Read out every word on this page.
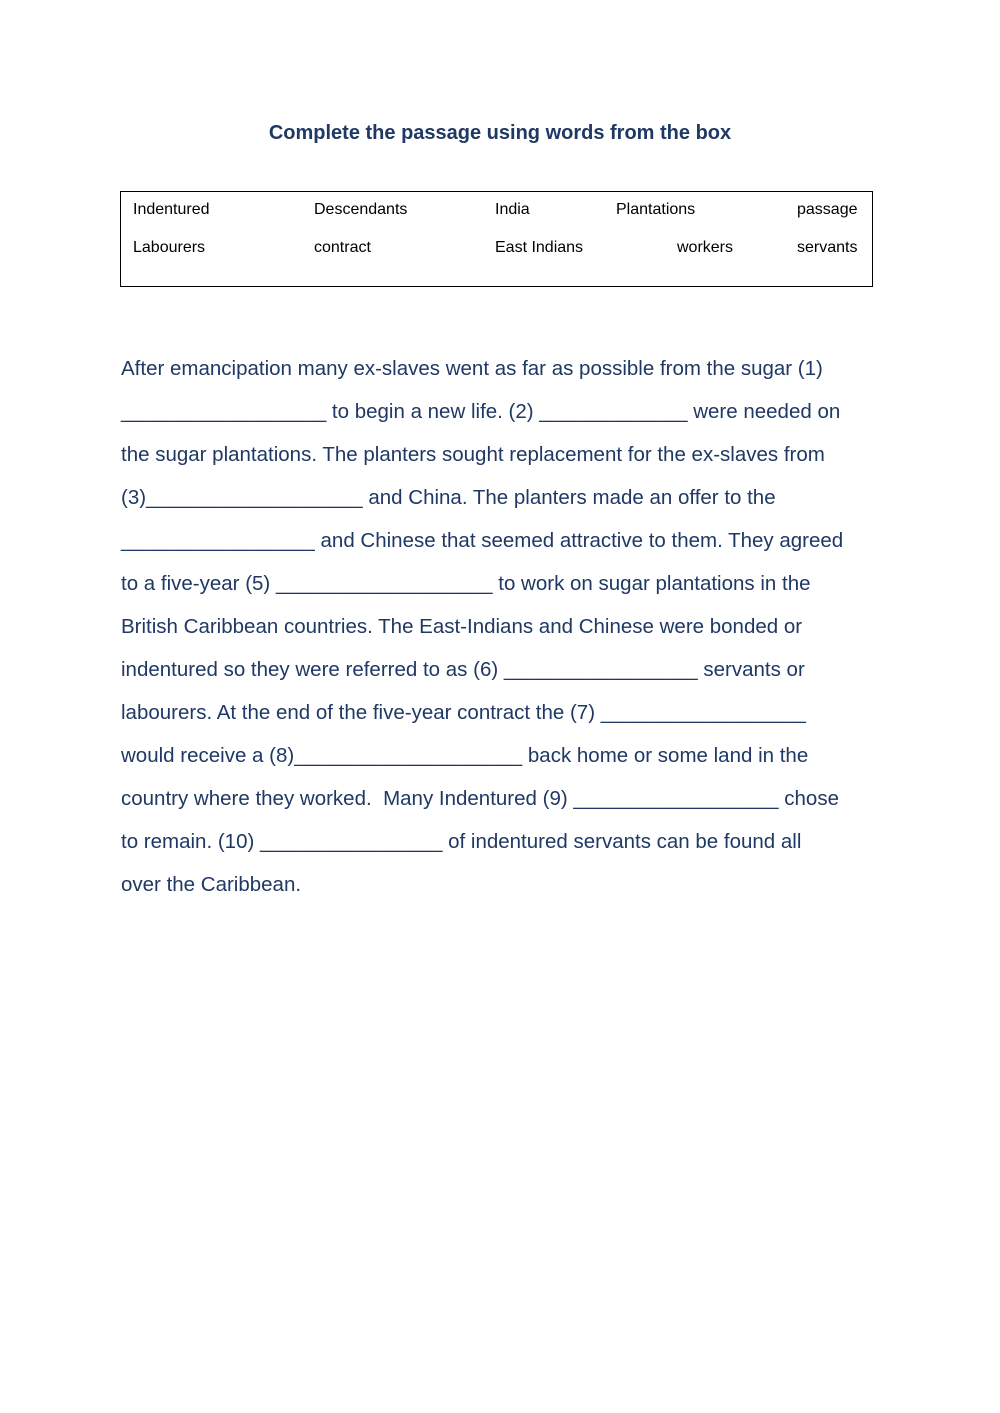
Complete the passage using words from the box
Indentured	Descendants	India	Plantations	passage
Labourers	contract	East Indians	workers	servants
After emancipation many ex-slaves went as far as possible from the sugar (1)
__________________ to begin a new life. (2) _____________ were needed on
the sugar plantations. The planters sought replacement for the ex-slaves from
(3)___________________ and China. The planters made an offer to the
_________________ and Chinese that seemed attractive to them. They agreed
to a five-year (5) ___________________ to work on sugar plantations in the
British Caribbean countries. The East-Indians and Chinese were bonded or
indentured so they were referred to as (6) _________________ servants or
labourers. At the end of the five-year contract the (7) __________________
would receive a (8)____________________ back home or some land in the
country where they worked.  Many Indentured (9) __________________ chose
to remain. (10) ________________ of indentured servants can be found all
over the Caribbean.
